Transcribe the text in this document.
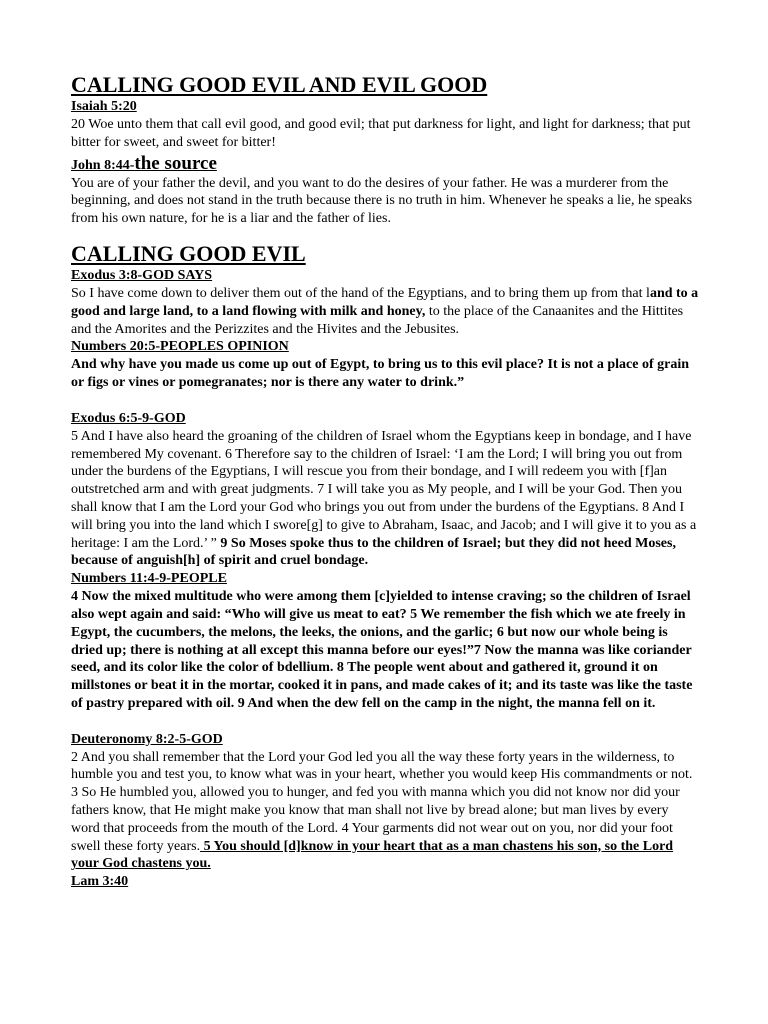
CALLING GOOD EVIL AND EVIL GOOD
Isaiah 5:20

20 Woe unto them that call evil good, and good evil; that put darkness for light, and light for darkness; that put bitter for sweet, and sweet for bitter!

John 8:44-the source

You are of your father the devil, and you want to do the desires of your father. He was a murderer from the beginning, and does not stand in the truth because there is no truth in him. Whenever he speaks a lie, he speaks from his own nature, for he is a liar and the father of lies.

CALLING GOOD EVIL
Exodus 3:8-GOD SAYS

So I have come down to deliver them out of the hand of the Egyptians, and to bring them up from that land to a good and large land, to a land flowing with milk and honey, to the place of the Canaanites and the Hittites and the Amorites and the Perizzites and the Hivites and the Jebusites.

Numbers 20:5-PEOPLES OPINION

And why have you made us come up out of Egypt, to bring us to this evil place? It is not a place of grain or figs or vines or pomegranates; nor is there any water to drink.”

Exodus 6:5-9-GOD

5 And I have also heard the groaning of the children of Israel whom the Egyptians keep in bondage, and I have remembered My covenant. 6 Therefore say to the children of Israel: ‘I am the Lord; I will bring you out from under the burdens of the Egyptians, I will rescue you from their bondage, and I will redeem you with [f]an outstretched arm and with great judgments. 7 I will take you as My people, and I will be your God. Then you shall know that I am the Lord your God who brings you out from under the burdens of the Egyptians. 8 And I will bring you into the land which I swore[g] to give to Abraham, Isaac, and Jacob; and I will give it to you as a heritage: I am the Lord.’ ” 9 So Moses spoke thus to the children of Israel; but they did not heed Moses, because of anguish[h] of spirit and cruel bondage.

Numbers 11:4-9-PEOPLE

4 Now the mixed multitude who were among them [c]yielded to intense craving; so the children of Israel also wept again and said: “Who will give us meat to eat? 5 We remember the fish which we ate freely in Egypt, the cucumbers, the melons, the leeks, the onions, and the garlic; 6 but now our whole being is dried up; there is nothing at all except this manna before our eyes!”7 Now the manna was like coriander seed, and its color like the color of bdellium. 8 The people went about and gathered it, ground it on millstones or beat it in the mortar, cooked it in pans, and made cakes of it; and its taste was like the taste of pastry prepared with oil. 9 And when the dew fell on the camp in the night, the manna fell on it.

Deuteronomy 8:2-5-GOD

2 And you shall remember that the Lord your God led you all the way these forty years in the wilderness, to humble you and test you, to know what was in your heart, whether you would keep His commandments or not. 3 So He humbled you, allowed you to hunger, and fed you with manna which you did not know nor did your fathers know, that He might make you know that man shall not live by bread alone; but man lives by every word that proceeds from the mouth of the Lord. 4 Your garments did not wear out on you, nor did your foot swell these forty years. 5 You should [d]know in your heart that as a man chastens his son, so the Lord your God chastens you.

Lam 3:40
